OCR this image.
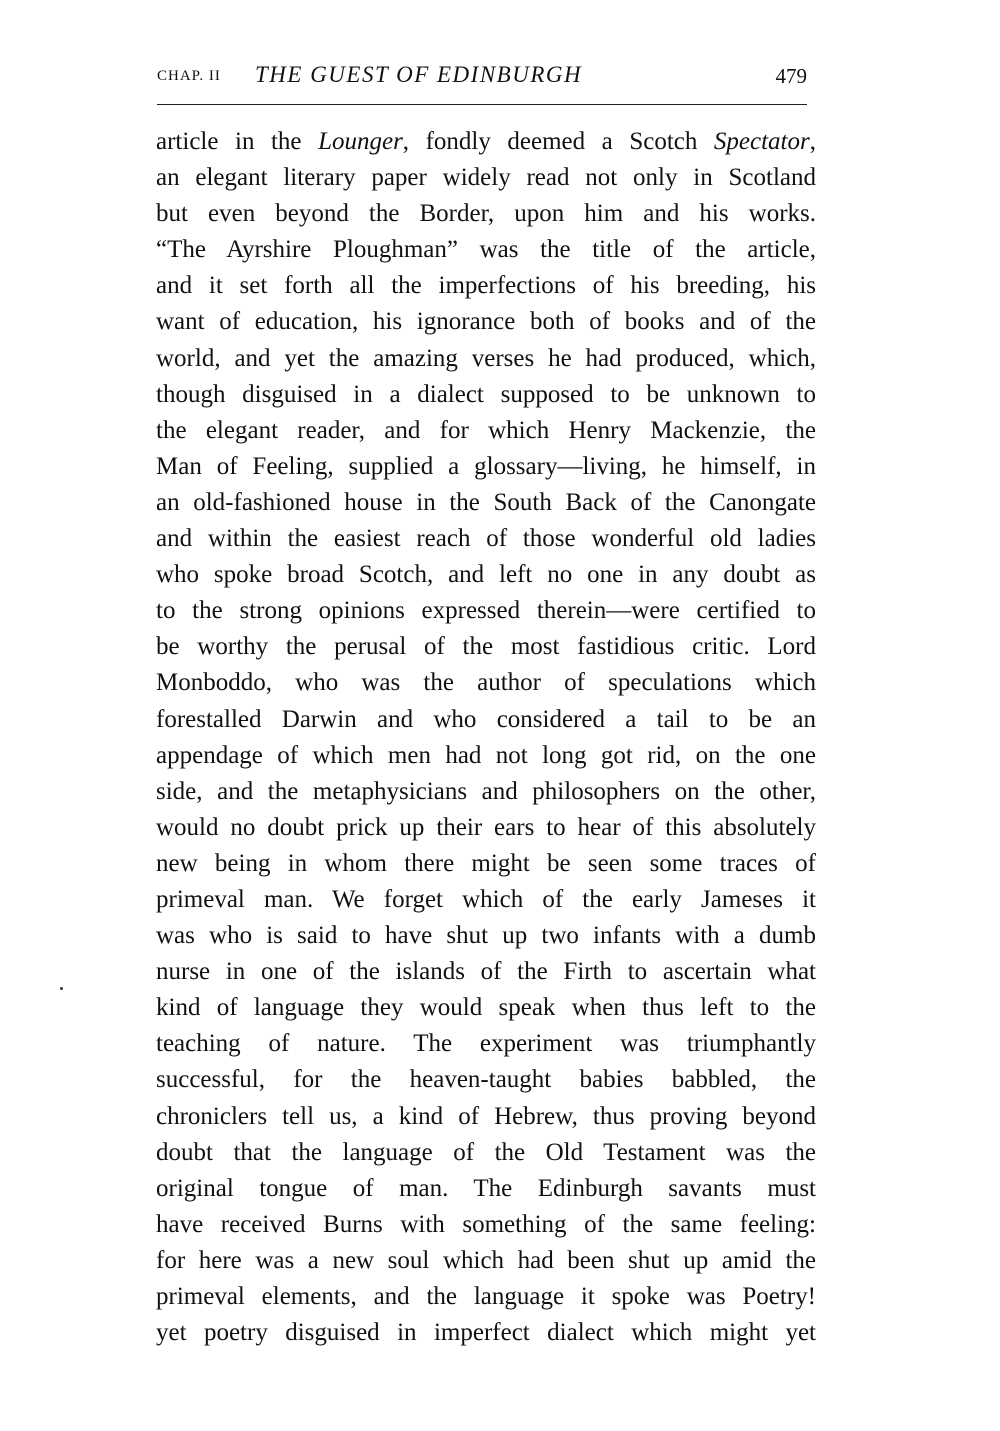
CHAP. II THE GUEST OF EDINBURGH	479
article in the Lounger, fondly deemed a Scotch Spectator,
an elegant literary paper widely read not only in Scotland
but even beyond the Border, upon him and his works.
“The Ayrshire Ploughman” was the title of the article,
and it set forth all the imperfections of his breeding, his
want of education, his ignorance both of books and of the
world, and yet the amazing verses he had produced, which,
though disguised in a dialect supposed to be unknown to
the elegant reader, and for which Henry Mackenzie, the
Man of Feeling, supplied a glossary—living, he himself, in
an old-fashioned house in the South Back of the Canongate
and within the easiest reach of those wonderful old ladies
who spoke broad Scotch, and left no one in any doubt as
to the strong opinions expressed therein—were certified to
be worthy the perusal of the most fastidious critic. Lord
Monboddo, who was the author of speculations which
forestalled Darwin and who considered a tail to be an
appendage of which men had not long got rid, on the one
side, and the metaphysicians and philosophers on the other,
would no doubt prick up their ears to hear of this absolutely
new being in whom there might be seen some traces of
primeval man. We forget which of the early Jameses it
was who is said to have shut up two infants with a dumb
nurse in one of the islands of the Firth to ascertain what
kind of language they would speak when thus left to the
teaching of nature. The experiment was triumphantly
successful, for the heaven-taught babies babbled, the
chroniclers tell us, a kind of Hebrew, thus proving beyond
doubt that the language of the Old Testament was the
original tongue of man. The Edinburgh savants must
have received Burns with something of the same feeling:
for here was a new soul which had been shut up amid the
primeval elements, and the language it spoke was Poetry!
yet poetry disguised in imperfect dialect which might yet
